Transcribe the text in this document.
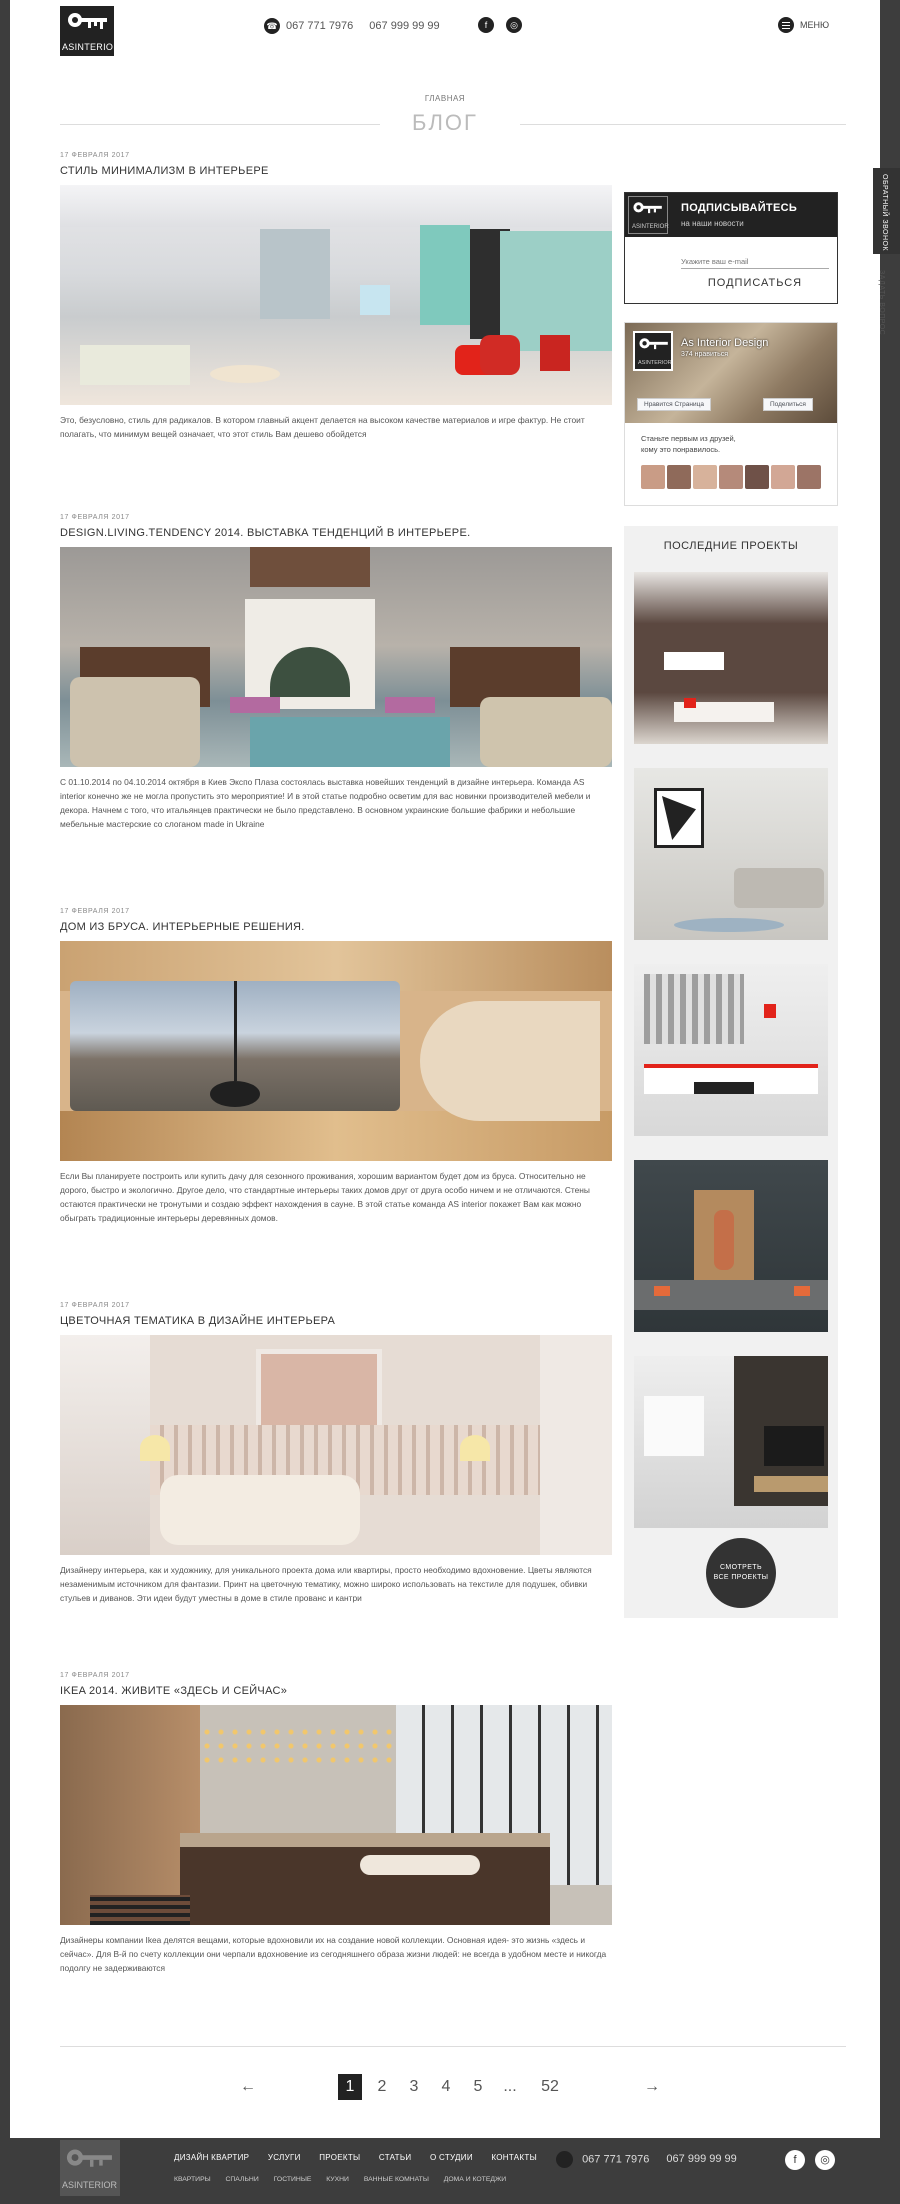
ASINTERIOR
☎ 067 771 7976 067 999 99 99	f	◎	МЕНЮ
ГЛАВНАЯ
БЛОГ
17 ФЕВРАЛЯ 2017
СТИЛЬ МИНИМАЛИЗМ В ИНТЕРЬЕРЕ
Это, безусловно, стиль для радикалов. В котором главный акцент делается на высоком качестве материалов и игре фактур. Не стоит полагать, что минимум вещей означает, что этот стиль Вам дешево обойдется
17 ФЕВРАЛЯ 2017
DESIGN.LIVING.TENDENCY 2014. ВЫСТАВКА ТЕНДЕНЦИЙ В ИНТЕРЬЕРЕ.
С 01.10.2014 по 04.10.2014 октября в Киев Экспо Плаза состоялась выставка новейших тенденций в дизайне интерьера. Команда AS interior конечно же не могла пропустить это мероприятие! И в этой статье подробно осветим для вас новинки производителей мебели и декора. Начнем с того, что итальянцев практически не было представлено. В основном украинские большие фабрики и небольшие мебельные мастерские со слоганом made in Ukraine
17 ФЕВРАЛЯ 2017
ДОМ ИЗ БРУСА. ИНТЕРЬЕРНЫЕ РЕШЕНИЯ.
Если Вы планируете построить или купить дачу для сезонного проживания, хорошим вариантом будет дом из бруса. Относительно не дорого, быстро и экологично. Другое дело, что стандартные интерьеры таких домов друг от друга особо ничем и не отличаются. Стены остаются практически не тронутыми и создаю эффект нахождения в сауне. В этой статье команда AS interior покажет Вам как можно обыграть традиционные интерьеры деревянных домов.
17 ФЕВРАЛЯ 2017
ЦВЕТОЧНАЯ ТЕМАТИКА В ДИЗАЙНЕ ИНТЕРЬЕРА
Дизайнеру интерьера, как и художнику, для уникального проекта дома или квартиры, просто необходимо вдохновение. Цветы являются незаменимым источником для фантазии. Принт на цветочную тематику, можно широко использовать на текстиле для подушек, обивки стульев и диванов. Эти идеи будут уместны в доме в стиле прованс и кантри
17 ФЕВРАЛЯ 2017
IKEA 2014. ЖИВИТЕ «ЗДЕСЬ И СЕЙЧАС»
Дизайнеры компании Ikea делятся вещами, которые вдохновили их на создание новой коллекции. Основная идея- это жизнь «здесь и сейчас». Для В-й по счету коллекции они черпали вдохновение из сегодняшнего образа жизни людей: не всегда в удобном месте и никогда подолгу не задерживаются
ASINTERIOR
ПОДПИСЫВАЙТЕСЬ
на наши новости
Укажите ваш e-mail
ПОДПИСАТЬСЯ
ASINTERIOR
As Interior Design
374 нравиться
Нравится Страница	Поделиться
Станьте первым из друзей,
кому это понравилось.
ПОСЛЕДНИЕ ПРОЕКТЫ
СМОТРЕТЬ
ВСЕ ПРОЕКТЫ
←	1	2	3	4	5	...	52	→
ОБРАТНЫЙ ЗВОНОК
ЗАДАТЬ ВОПРОС
ASINTERIOR
ДИЗАЙН КВАРТИР УСЛУГИ ПРОЕКТЫ СТАТЬИ О СТУДИИ КОНТАКТЫ
КВАРТИРЫ СПАЛЬНИ ГОСТИНЫЕ КУХНИ ВАННЫЕ КОМНАТЫ ДОМА И КОТЕДЖИ
067 771 7976 067 999 99 99	f	◎
